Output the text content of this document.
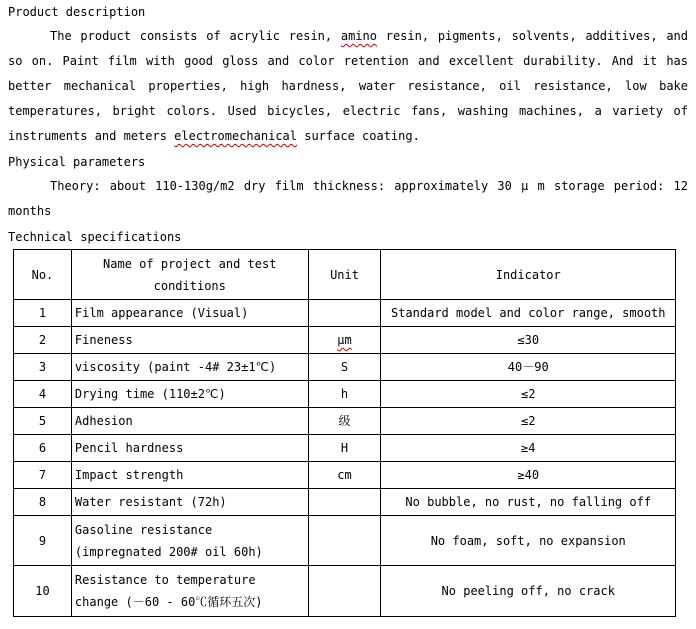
Product description
The product consists of acrylic resin, amino resin, pigments, solvents, additives, and so on. Paint film with good gloss and color retention and excellent durability. And it has better mechanical properties, high hardness, water resistance, oil resistance, low bake temperatures, bright colors. Used bicycles, electric fans, washing machines, a variety of instruments and meters electromechanical surface coating.
Physical parameters
Theory: about 110-130g/m2 dry film thickness: approximately 30 μ m storage period: 12 months
Technical specifications
No.	Name of project and test conditions	Unit	Indicator
1	Film appearance (Visual)		Standard model and color range, smooth
2	Fineness	μm	≤30
3	viscosity (paint -4# 23±1℃)	S	40－90
4	Drying time (110±2℃)	h	≤2
5	Adhesion	级	≤2
6	Pencil hardness	H	≥4
7	Impact strength	cm	≥40
8	Water resistant (72h)		No bubble, no rust, no falling off
9	Gasoline resistance (impregnated 200# oil 60h)		No foam, soft, no expansion
10	Resistance to temperature change (－60 - 60℃循环五次)		No peeling off, no crack
